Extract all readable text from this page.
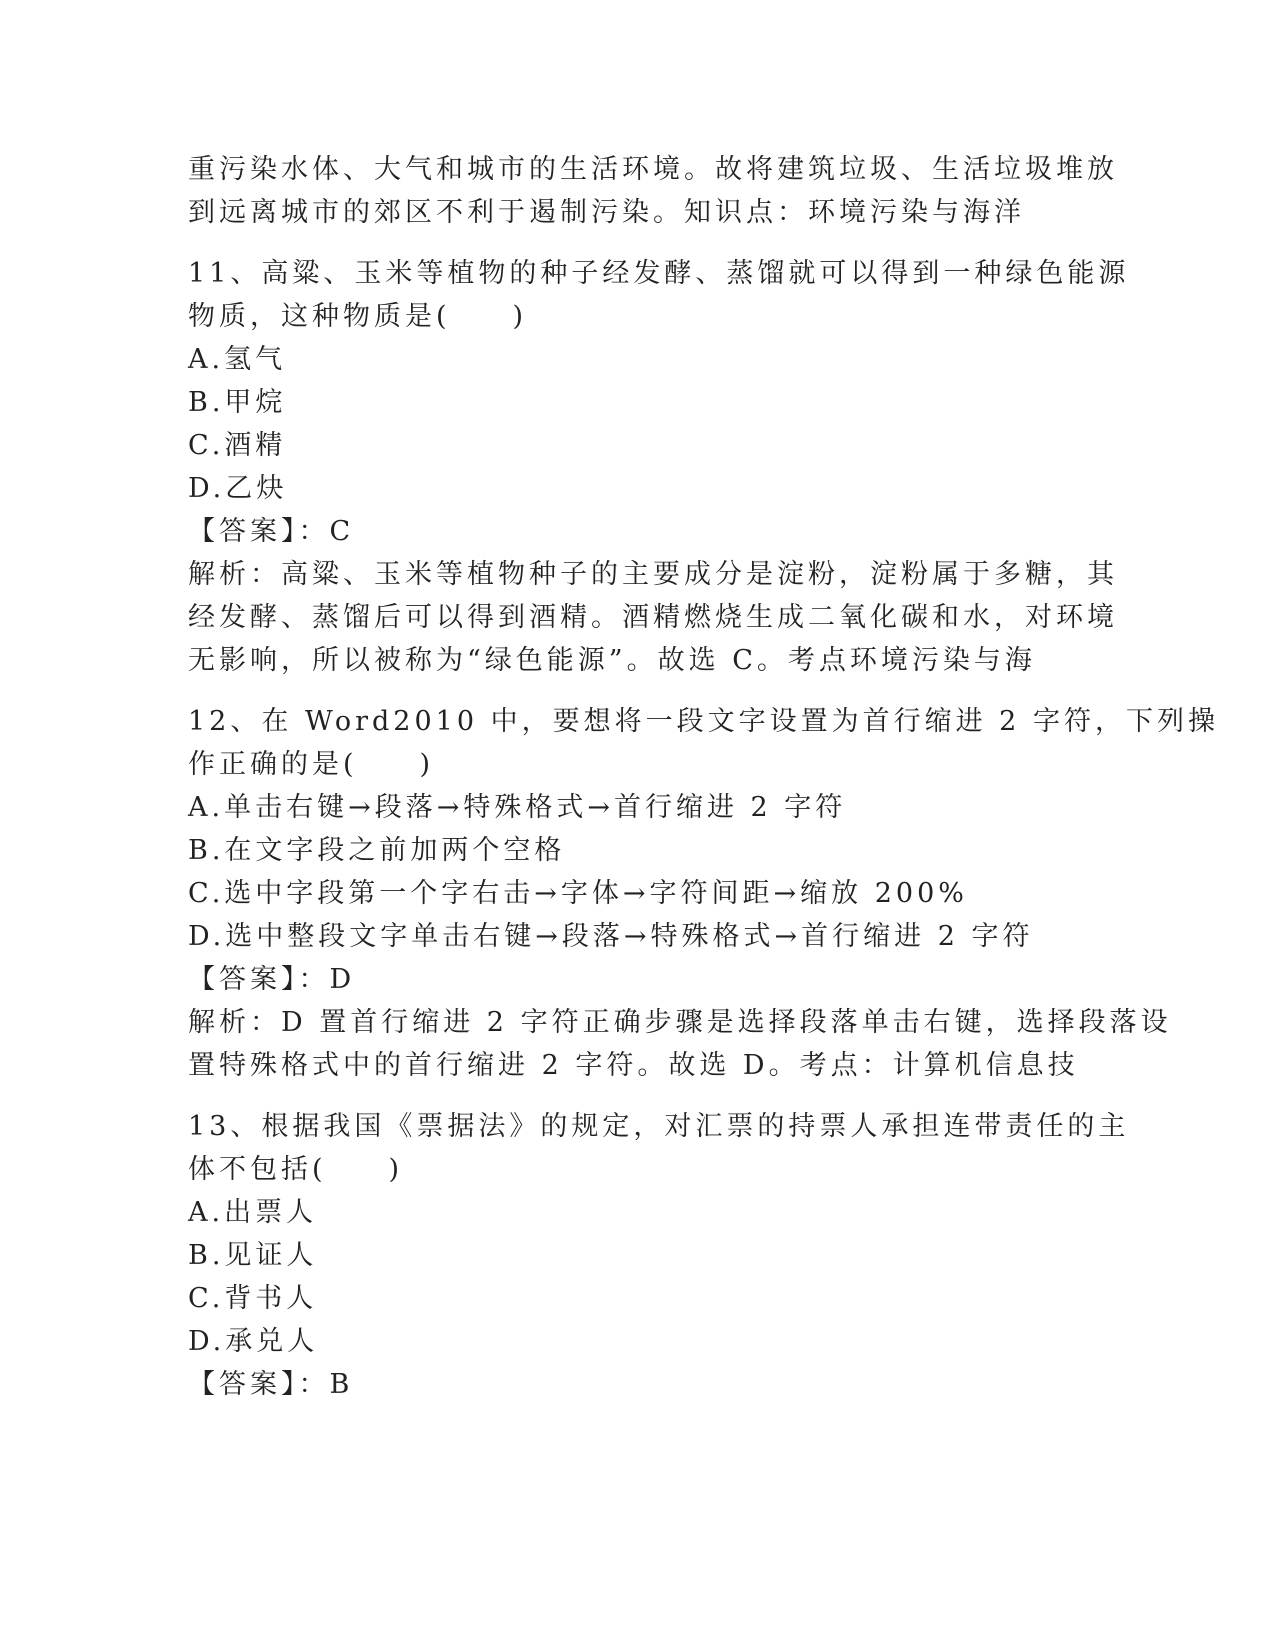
重污染水体、大气和城市的生活环境。故将建筑垃圾、生活垃圾堆放
到远离城市的郊区不利于遏制污染。知识点：环境污染与海洋
11、高粱、玉米等植物的种子经发酵、蒸馏就可以得到一种绿色能源
物质，这种物质是(　　)
A.氢气
B.甲烷
C.酒精
D.乙炔
【答案】：C
解析：高粱、玉米等植物种子的主要成分是淀粉，淀粉属于多糖，其
经发酵、蒸馏后可以得到酒精。酒精燃烧生成二氧化碳和水，对环境
无影响，所以被称为“绿色能源”。故选 C。考点环境污染与海
12、在 Word2010 中，要想将一段文字设置为首行缩进 2 字符，下列操
作正确的是(　　)
A.单击右键→段落→特殊格式→首行缩进 2 字符
B.在文字段之前加两个空格
C.选中字段第一个字右击→字体→字符间距→缩放 200%
D.选中整段文字单击右键→段落→特殊格式→首行缩进 2 字符
【答案】：D
解析：D 置首行缩进 2 字符正确步骤是选择段落单击右键，选择段落设
置特殊格式中的首行缩进 2 字符。故选 D。考点：计算机信息技
13、根据我国《票据法》的规定，对汇票的持票人承担连带责任的主
体不包括(　　)
A.出票人
B.见证人
C.背书人
D.承兑人
【答案】：B
